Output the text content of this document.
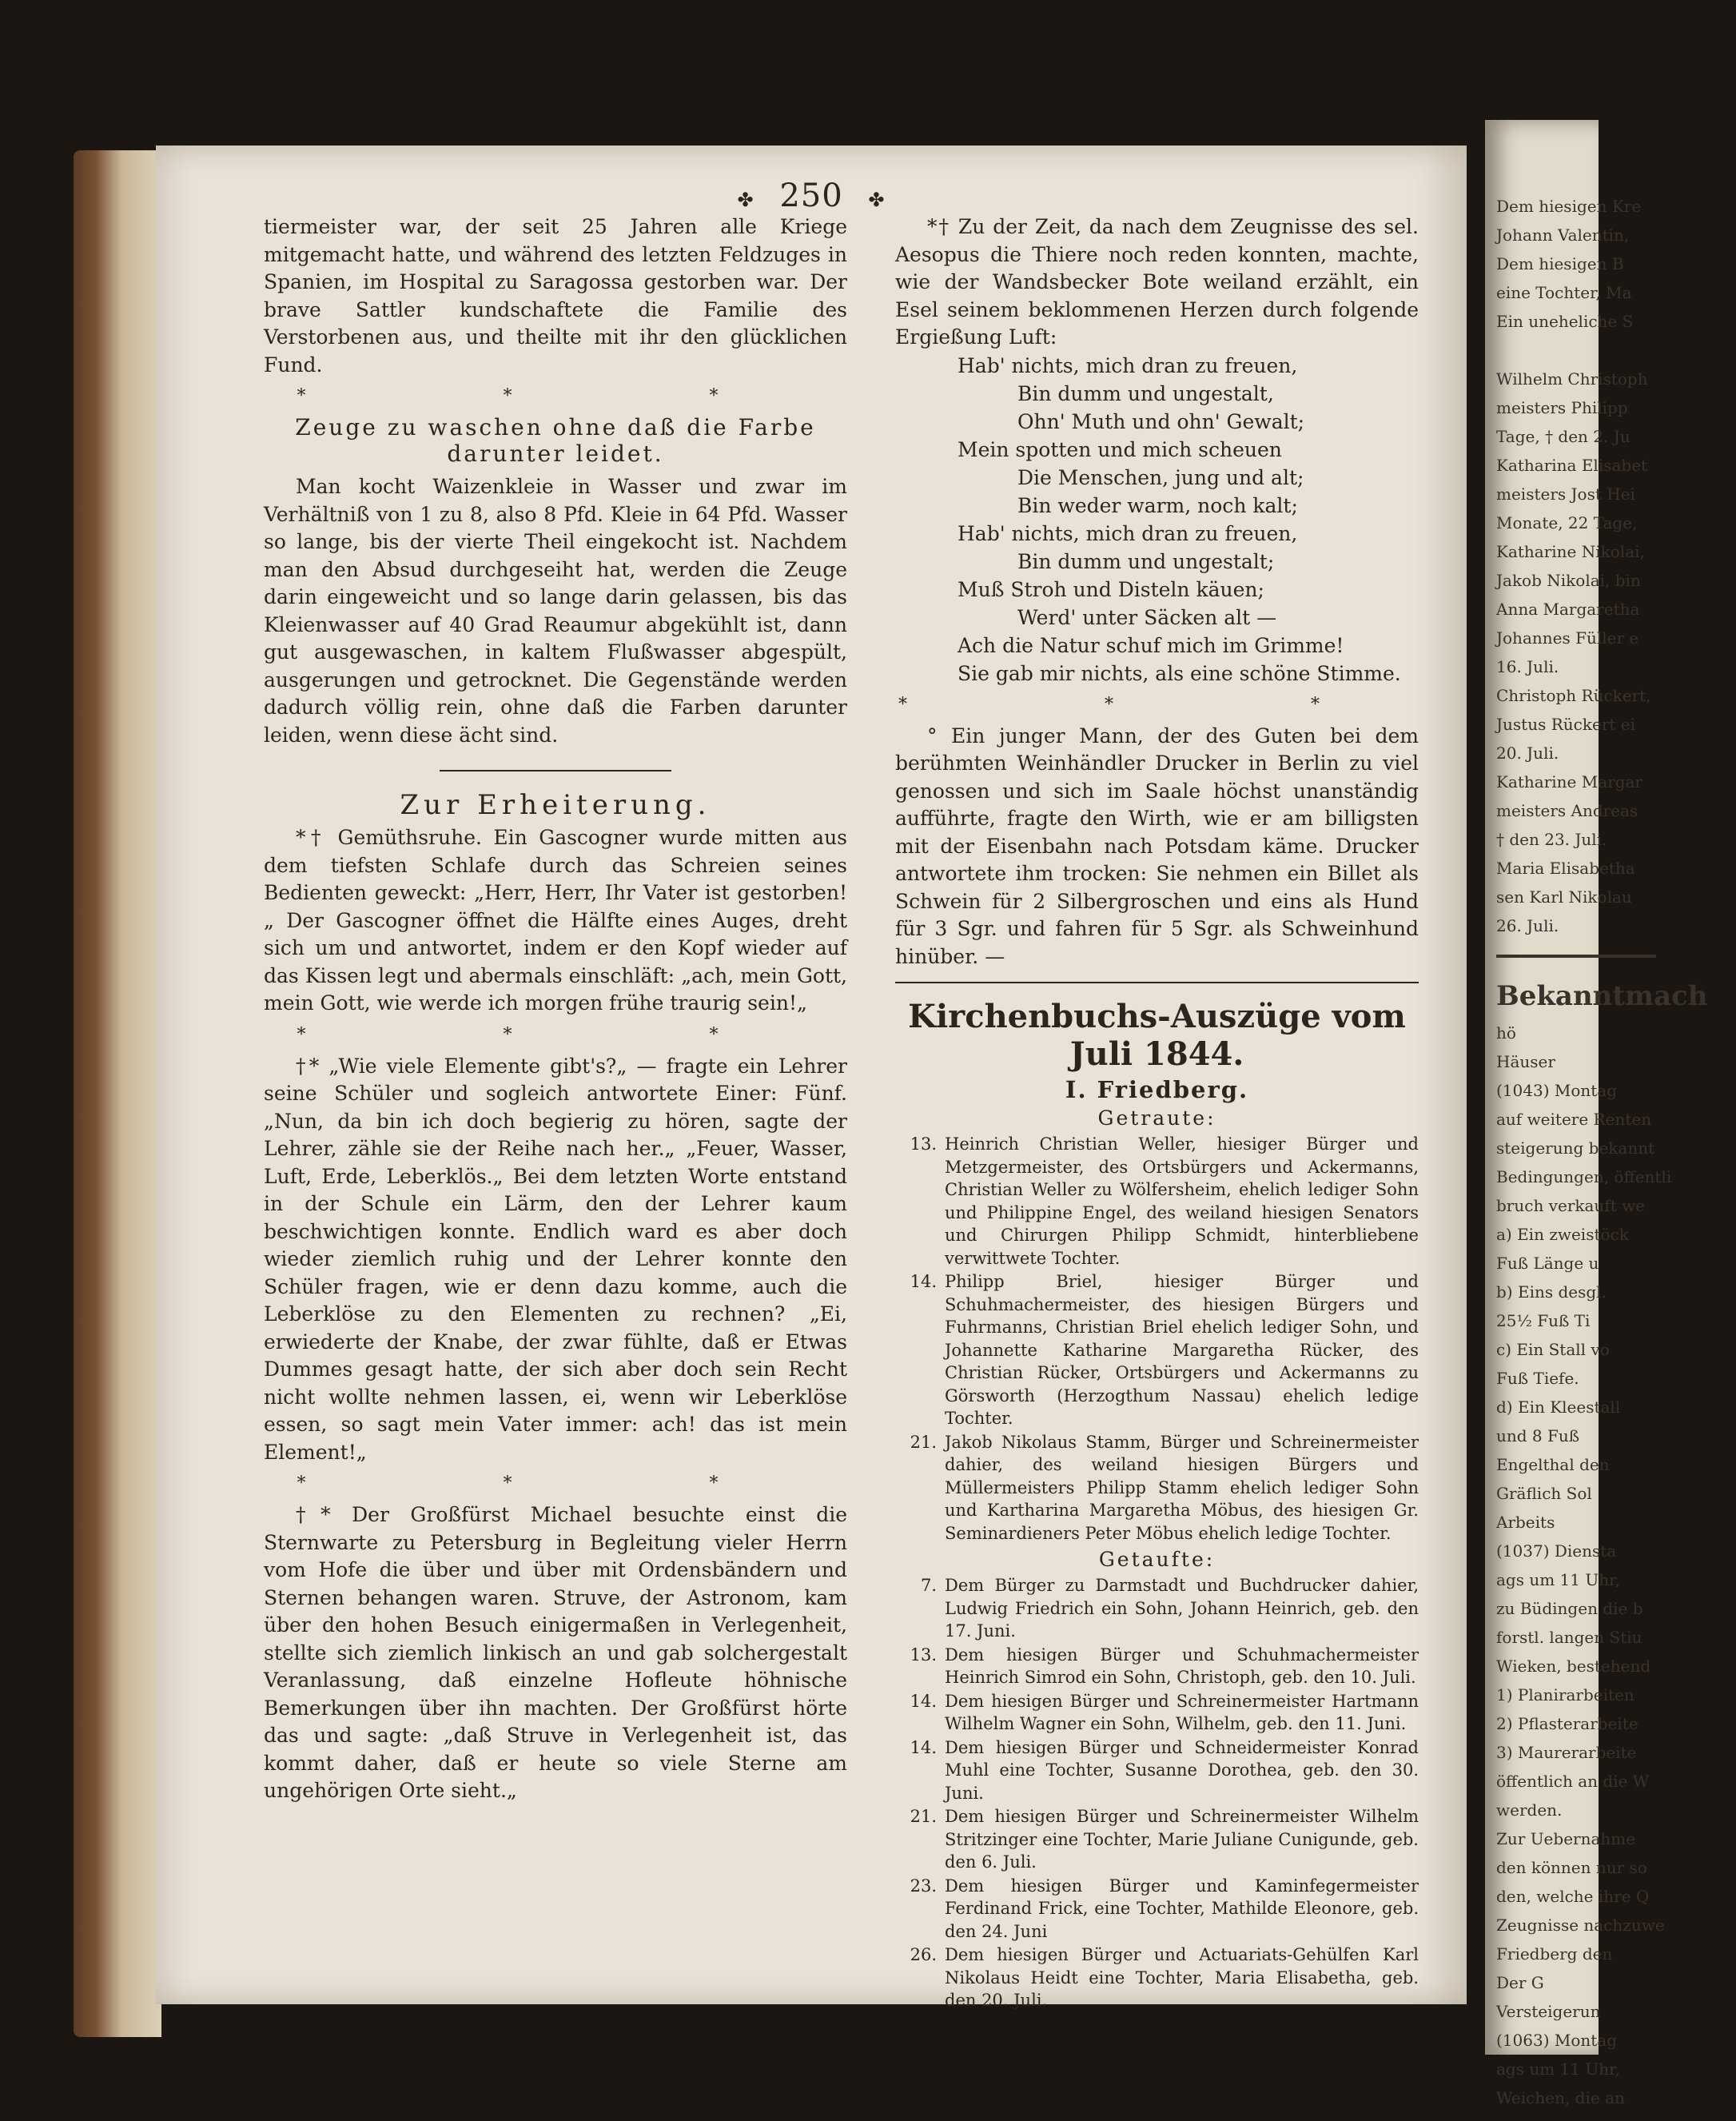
✤ 250 ✤

tiermeister war, der seit 25 Jahren alle Kriege mitgemacht hatte, und während des letzten Feldzuges in Spanien, im Hospital zu Saragossa gestorben war. Der brave Sattler kundschaftete die Familie des Verstorbenen aus, und theilte mit ihr den glücklichen Fund.

* * *
Zeuge zu waschen ohne daß die Farbe darunter leidet.

Man kocht Waizenkleie in Wasser und zwar im Verhältniß von 1 zu 8, also 8 Pfd. Kleie in 64 Pfd. Wasser so lange, bis der vierte Theil eingekocht ist. Nachdem man den Absud durchgeseiht hat, werden die Zeuge darin eingeweicht und so lange darin gelassen, bis das Kleienwasser auf 40 Grad Reaumur abgekühlt ist, dann gut ausgewaschen, in kaltem Flußwasser abgespült, ausgerungen und getrocknet. Die Gegenstände werden dadurch völlig rein, ohne daß die Farben darunter leiden, wenn diese ächt sind.

Zur Erheiterung.

*† Gemüthsruhe. Ein Gascogner wurde mitten aus dem tiefsten Schlafe durch das Schreien seines Bedienten geweckt: „Herr, Herr, Ihr Vater ist gestorben!„ Der Gascogner öffnet die Hälfte eines Auges, dreht sich um und antwortet, indem er den Kopf wieder auf das Kissen legt und abermals einschläft: „ach, mein Gott, mein Gott, wie werde ich morgen frühe traurig sein!„

* * *

†* „Wie viele Elemente gibt's?„ — fragte ein Lehrer seine Schüler und sogleich antwortete Einer: Fünf. „Nun, da bin ich doch begierig zu hören, sagte der Lehrer, zähle sie der Reihe nach her.„ „Feuer, Wasser, Luft, Erde, Leberklös.„ Bei dem letzten Worte entstand in der Schule ein Lärm, den der Lehrer kaum beschwichtigen konnte. Endlich ward es aber doch wieder ziemlich ruhig und der Lehrer konnte den Schüler fragen, wie er denn dazu komme, auch die Leberklöse zu den Elementen zu rechnen? „Ei, erwiederte der Knabe, der zwar fühlte, daß er Etwas Dummes gesagt hatte, der sich aber doch sein Recht nicht wollte nehmen lassen, ei, wenn wir Leberklöse essen, so sagt mein Vater immer: ach! das ist mein Element!„

* * *

†* Der Großfürst Michael besuchte einst die Sternwarte zu Petersburg in Begleitung vieler Herrn vom Hofe die über und über mit Ordensbändern und Sternen behangen waren. Struve, der Astronom, kam über den hohen Besuch einigermaßen in Verlegenheit, stellte sich ziemlich linkisch an und gab solchergestalt Veranlassung, daß einzelne Hofleute höhnische Bemerkungen über ihn machten. Der Großfürst hörte das und sagte: „daß Struve in Verlegenheit ist, das kommt daher, daß er heute so viele Sterne am ungehörigen Orte sieht.„

*† Zu der Zeit, da nach dem Zeugnisse des sel. Aesopus die Thiere noch reden konnten, machte, wie der Wandsbecker Bote weiland erzählt, ein Esel seinem beklommenen Herzen durch folgende Ergießung Luft:

Hab' nichts, mich dran zu freuen,

Bin dumm und ungestalt,

Ohn' Muth und ohn' Gewalt;

Mein spotten und mich scheuen

Die Menschen, jung und alt;

Bin weder warm, noch kalt;

Hab' nichts, mich dran zu freuen,

Bin dumm und ungestalt;

Muß Stroh und Disteln käuen;

Werd' unter Säcken alt —

Ach die Natur schuf mich im Grimme!

Sie gab mir nichts, als eine schöne Stimme.

* * *

° Ein junger Mann, der des Guten bei dem berühmten Weinhändler Drucker in Berlin zu viel genossen und sich im Saale höchst unanständig aufführte, fragte den Wirth, wie er am billigsten mit der Eisenbahn nach Potsdam käme. Drucker antwortete ihm trocken: Sie nehmen ein Billet als Schwein für 2 Silbergroschen und eins als Hund für 3 Sgr. und fahren für 5 Sgr. als Schweinhund hinüber. —

Kirchenbuchs-Auszüge vom Juli 1844.
I. Friedberg.
Getraute:
13. Heinrich Christian Weller, hiesiger Bürger und Metzgermeister, des Ortsbürgers und Ackermanns, Christian Weller zu Wölfersheim, ehelich lediger Sohn und Philippine Engel, des weiland hiesigen Senators und Chirurgen Philipp Schmidt, hinterbliebene verwittwete Tochter.
14. Philipp Briel, hiesiger Bürger und Schuhmachermeister, des hiesigen Bürgers und Fuhrmanns, Christian Briel ehelich lediger Sohn, und Johannette Katharine Margaretha Rücker, des Christian Rücker, Ortsbürgers und Ackermanns zu Görsworth (Herzogthum Nassau) ehelich ledige Tochter.
21. Jakob Nikolaus Stamm, Bürger und Schreinermeister dahier, des weiland hiesigen Bürgers und Müllermeisters Philipp Stamm ehelich lediger Sohn und Kartharina Margaretha Möbus, des hiesigen Gr. Seminardieners Peter Möbus ehelich ledige Tochter.
Getaufte:
7. Dem Bürger zu Darmstadt und Buchdrucker dahier, Ludwig Friedrich ein Sohn, Johann Heinrich, geb. den 17. Juni.
13. Dem hiesigen Bürger und Schuhmachermeister Heinrich Simrod ein Sohn, Christoph, geb. den 10. Juli.
14. Dem hiesigen Bürger und Schreinermeister Hartmann Wilhelm Wagner ein Sohn, Wilhelm, geb. den 11. Juni.
14. Dem hiesigen Bürger und Schneidermeister Konrad Muhl eine Tochter, Susanne Dorothea, geb. den 30. Juni.
21. Dem hiesigen Bürger und Schreinermeister Wilhelm Stritzinger eine Tochter, Marie Juliane Cunigunde, geb. den 6. Juli.
23. Dem hiesigen Bürger und Kaminfegermeister Ferdinand Frick, eine Tochter, Mathilde Eleonore, geb. den 24. Juni
26. Dem hiesigen Bürger und Actuariats-Gehülfen Karl Nikolaus Heidt eine Tochter, Maria Elisabetha, geb. den 20. Juli.

Dem hiesigen Kre

Johann Valentin,

Dem hiesigen B

eine Tochter, Ma

Ein uneheliche S

Wilhelm Christoph

meisters Philipp

Tage, † den 2. Ju

Katharina Elisabet

meisters Jost Hei

Monate, 22 Tage,

Katharine Nikolai,

Jakob Nikolai, bin

Anna Margaretha

Johannes Füller e

16. Juli.

Christoph Rückert,

Justus Rückert ei

20. Juli.

Katharine Margar

meisters Andreas

† den 23. Juli.

Maria Elisabetha

sen Karl Nikolau

26. Juli.

Bekanntmach

hö

Häuser

(1043) Montag

auf weitere Renten

steigerung bekannt

Bedingungen, öffentli

bruch verkauft we

a) Ein zweistöck

Fuß Länge u

b) Eins desgl.

25½ Fuß Ti

c) Ein Stall vo

Fuß Tiefe.

d) Ein Kleestall

und 8 Fuß

Engelthal den

Gräflich Sol

Arbeits

(1037) Diensta

ags um 11 Uhr,

zu Büdingen die b

forstl. langen Stiu

Wieken, bestehend

1) Planirarbeiten

2) Pflasterarbeite

3) Maurerarbeite

öffentlich an die W

werden.

Zur Uebernahme

den können nur so

den, welche ihre Q

Zeugnisse nachzuwe

Friedberg den

Der G

Versteigerun

(1063) Montag

ags um 11 Uhr,

Weichen, die an
